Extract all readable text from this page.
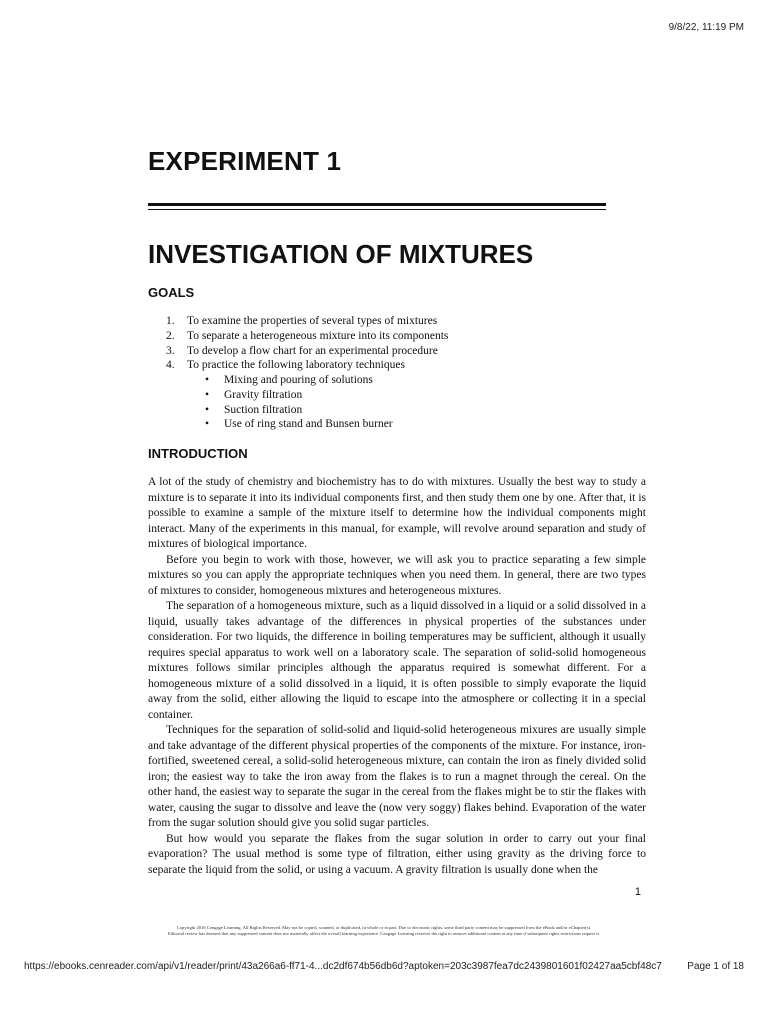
9/8/22, 11:19 PM
EXPERIMENT 1
INVESTIGATION OF MIXTURES
GOALS
1.	To examine the properties of several types of mixtures
2.	To separate a heterogeneous mixture into its components
3.	To develop a flow chart for an experimental procedure
4.	To practice the following laboratory techniques
•	Mixing and pouring of solutions
•	Gravity filtration
•	Suction filtration
•	Use of ring stand and Bunsen burner
INTRODUCTION

A lot of the study of chemistry and biochemistry has to do with mixtures. Usually the best way to study a mixture is to separate it into its individual components first, and then study them one by one. After that, it is possible to examine a sample of the mixture itself to determine how the individual components might interact. Many of the experiments in this manual, for example, will revolve around separation and study of mixtures of biological importance.

Before you begin to work with those, however, we will ask you to practice separating a few simple mixtures so you can apply the appropriate techniques when you need them. In general, there are two types of mixtures to consider, homogeneous mixtures and heterogeneous mixtures.

The separation of a homogeneous mixture, such as a liquid dissolved in a liquid or a solid dissolved in a liquid, usually takes advantage of the differences in physical properties of the substances under consideration. For two liquids, the difference in boiling temperatures may be sufficient, although it usually requires special apparatus to work well on a laboratory scale. The separation of solid-solid homogeneous mixtures follows similar principles although the apparatus required is somewhat different. For a homogeneous mixture of a solid dissolved in a liquid, it is often possible to simply evaporate the liquid away from the solid, either allowing the liquid to escape into the atmosphere or collecting it in a special container.

Techniques for the separation of solid-solid and liquid-solid heterogeneous mixures are usually simple and take advantage of the different physical properties of the components of the mixture. For instance, iron-fortified, sweetened cereal, a solid-solid heterogeneous mixture, can contain the iron as finely divided solid iron; the easiest way to take the iron away from the flakes is to run a magnet through the cereal. On the other hand, the easiest way to separate the sugar in the cereal from the flakes might be to stir the flakes with water, causing the sugar to dissolve and leave the (now very soggy) flakes behind. Evaporation of the water from the sugar solution should give you solid sugar particles.

But how would you separate the flakes from the sugar solution in order to carry out your final evaporation? The usual method is some type of filtration, either using gravity as the driving force to separate the liquid from the solid, or using a vacuum. A gravity filtration is usually done when the

1
Copyright 2016 Cengage Learning. All Rights Reserved. May not be copied, scanned, or duplicated, in whole or in part. Due to electronic rights, some third party content may be suppressed from the eBook and/or eChapter(s).
Editorial review has deemed that any suppressed content does not materially affect the overall learning experience. Cengage Learning reserves the right to remove additional content at any time if subsequent rights restrictions require it.
https://ebooks.cenreader.com/api/v1/reader/print/43a266a6-ff71-4...dc2df674b56db6d?aptoken=203c3987fea7dc2439801601f02427aa5cbf48c7	Page 1 of 18
